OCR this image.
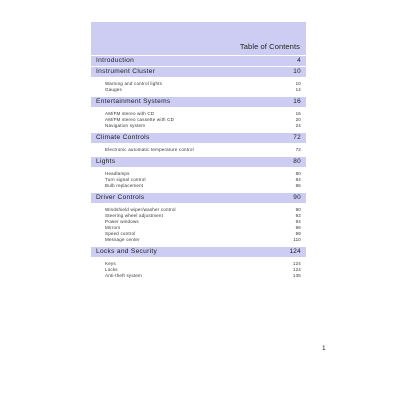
Table of Contents
Introduction	4
Instrument Cluster	10
Warning and control lights	10
Gauges	14
Entertainment Systems	16
AM/FM stereo with CD	16
AM/FM stereo cassette with CD	20
Navigation system	24
Climate Controls	72
Electronic automatic temperature control	72
Lights	80
Headlamps	80
Turn signal control	84
Bulb replacement	86
Driver Controls	90
Windshield wiper/washer control	90
Steering wheel adjustment	92
Power windows	94
Mirrors	96
Speed control	99
Message center	110
Locks and Security	124
Keys	124
Locks	124
Anti-theft system	135
1
